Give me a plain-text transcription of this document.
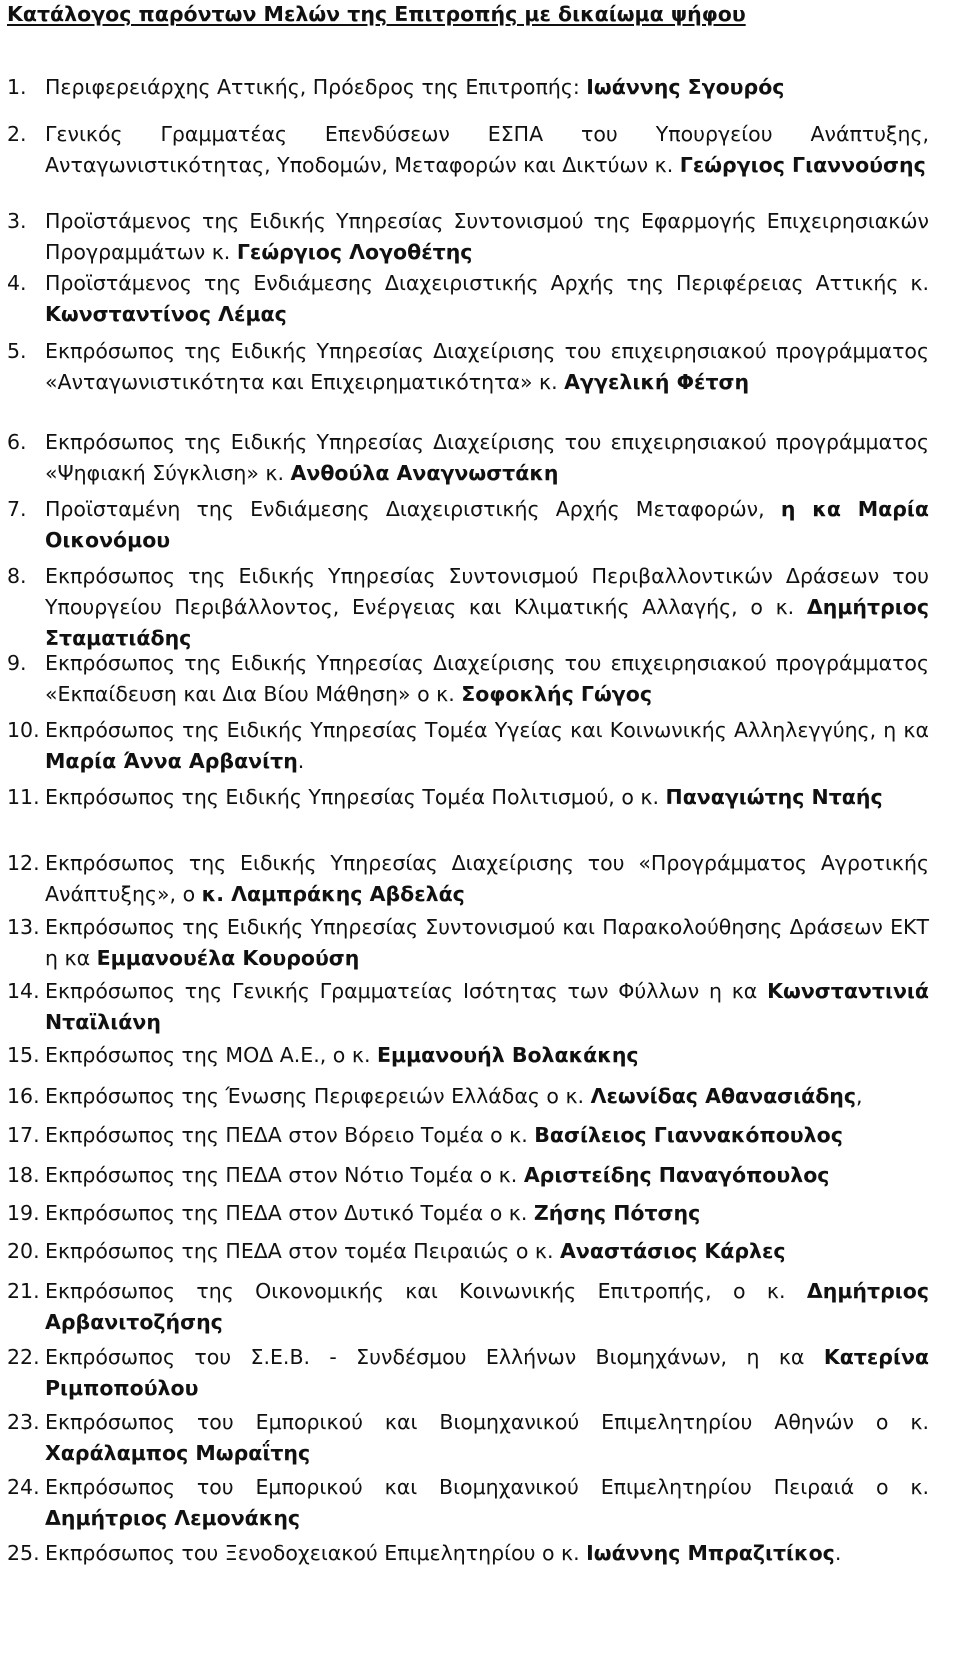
Κατάλογος παρόντων Μελών της Επιτροπής με δικαίωμα ψήφου
1. Περιφερειάρχης Αττικής, Πρόεδρος της Επιτροπής: Ιωάννης Σγουρός
2. Γενικός Γραμματέας Επενδύσεων ΕΣΠΑ του Υπουργείου Ανάπτυξης, Ανταγωνιστικότητας, Υποδομών, Μεταφορών και Δικτύων κ. Γεώργιος Γιαννούσης
3. Προϊστάμενος της Ειδικής Υπηρεσίας Συντονισμού της Εφαρμογής Επιχειρησιακών Προγραμμάτων κ. Γεώργιος Λογοθέτης
4. Προϊστάμενος της Ενδιάμεσης Διαχειριστικής Αρχής της Περιφέρειας Αττικής κ. Κωνσταντίνος Λέμας
5. Εκπρόσωπος της Ειδικής Υπηρεσίας Διαχείρισης του επιχειρησιακού προγράμματος «Ανταγωνιστικότητα και Επιχειρηματικότητα» κ. Αγγελική Φέτση
6. Εκπρόσωπος της Ειδικής Υπηρεσίας Διαχείρισης του επιχειρησιακού προγράμματος «Ψηφιακή Σύγκλιση» κ. Ανθούλα Αναγνωστάκη
7. Προϊσταμένη της Ενδιάμεσης Διαχειριστικής Αρχής Μεταφορών, η κα Μαρία Οικονόμου
8. Εκπρόσωπος της Ειδικής Υπηρεσίας Συντονισμού Περιβαλλοντικών Δράσεων του Υπουργείου Περιβάλλοντος, Ενέργειας και Κλιματικής Αλλαγής, ο κ. Δημήτριος Σταματιάδης
9. Εκπρόσωπος της Ειδικής Υπηρεσίας Διαχείρισης του επιχειρησιακού προγράμματος «Εκπαίδευση και Δια Βίου Μάθηση» ο κ. Σοφοκλής Γώγος
10. Εκπρόσωπος της Ειδικής Υπηρεσίας Τομέα Υγείας και Κοινωνικής Αλληλεγγύης, η κα Μαρία Άννα Αρβανίτη.
11. Εκπρόσωπος της Ειδικής Υπηρεσίας Τομέα Πολιτισμού, ο κ. Παναγιώτης Νταής
12. Εκπρόσωπος της Ειδικής Υπηρεσίας Διαχείρισης του «Προγράμματος Αγροτικής Ανάπτυξης», ο κ. Λαμπράκης Αβδελάς
13. Εκπρόσωπος της Ειδικής Υπηρεσίας Συντονισμού και Παρακολούθησης Δράσεων ΕΚΤ η κα Εμμανουέλα Κουρούση
14. Εκπρόσωπος της Γενικής Γραμματείας Ισότητας των Φύλλων η κα Κωνσταντινιά Νταϊλιάνη
15. Εκπρόσωπος της ΜΟΔ Α.Ε., ο κ. Εμμανουήλ Βολακάκης
16. Εκπρόσωπος της Ένωσης Περιφερειών Ελλάδας ο κ. Λεωνίδας Αθανασιάδης,
17. Εκπρόσωπος της ΠΕΔΑ στον Βόρειο Τομέα ο κ. Βασίλειος Γιαννακόπουλος
18. Εκπρόσωπος της ΠΕΔΑ στον Νότιο Τομέα ο κ. Αριστείδης Παναγόπουλος
19. Εκπρόσωπος της ΠΕΔΑ στον Δυτικό Τομέα ο κ. Ζήσης Πότσης
20. Εκπρόσωπος της ΠΕΔΑ στον τομέα Πειραιώς ο κ. Αναστάσιος Κάρλες
21. Εκπρόσωπος της Οικονομικής και Κοινωνικής Επιτροπής, ο κ. Δημήτριος Αρβανιτοζήσης
22. Εκπρόσωπος του Σ.Ε.Β. - Συνδέσμου Ελλήνων Βιομηχάνων, η κα Κατερίνα Ριμποπούλου
23. Εκπρόσωπος του Εμπορικού και Βιομηχανικού Επιμελητηρίου Αθηνών ο κ. Χαράλαμπος Μωραΐτης
24. Εκπρόσωπος του Εμπορικού και Βιομηχανικού Επιμελητηρίου Πειραιά ο κ. Δημήτριος Λεμονάκης
25. Εκπρόσωπος του Ξενοδοχειακού Επιμελητηρίου ο κ. Ιωάννης Μπραζιτίκος.
